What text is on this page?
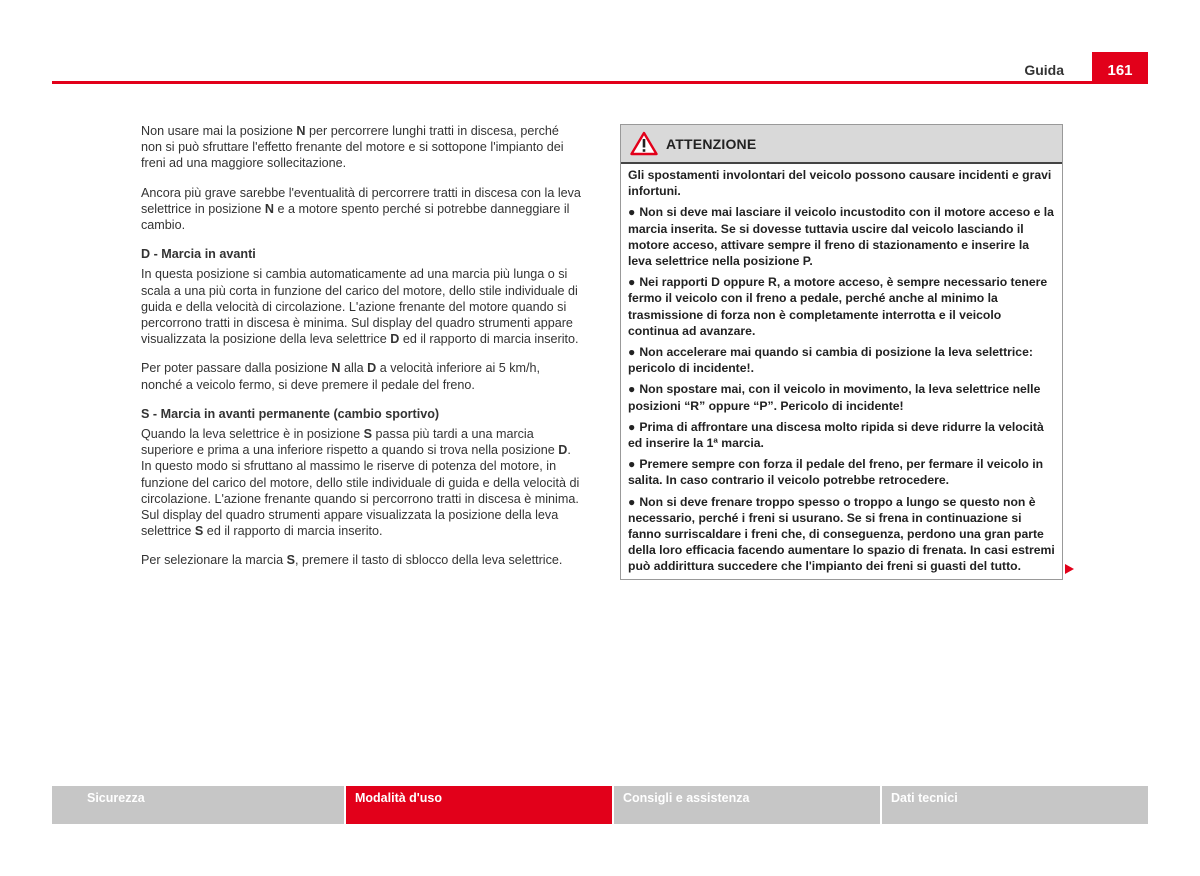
Guida	161

Non usare mai la posizione N per percorrere lunghi tratti in discesa, perché non si può sfruttare l'effetto frenante del motore e si sottopone l'impianto dei freni ad una maggiore sollecitazione.

Ancora più grave sarebbe l'eventualità di percorrere tratti in discesa con la leva selettrice in posizione N e a motore spento perché si potrebbe danneggiare il cambio.

D - Marcia in avanti

In questa posizione si cambia automaticamente ad una marcia più lunga o si scala a una più corta in funzione del carico del motore, dello stile individuale di guida e della velocità di circolazione. L'azione frenante del motore quando si percorrono tratti in discesa è minima. Sul display del quadro strumenti appare visualizzata la posizione della leva selettrice D ed il rapporto di marcia inserito.

Per poter passare dalla posizione N alla D a velocità inferiore ai 5 km/h, nonché a veicolo fermo, si deve premere il pedale del freno.

S - Marcia in avanti permanente (cambio sportivo)

Quando la leva selettrice è in posizione S passa più tardi a una marcia superiore e prima a una inferiore rispetto a quando si trova nella posizione D. In questo modo si sfruttano al massimo le riserve di potenza del motore, in funzione del carico del motore, dello stile individuale di guida e della velocità di circolazione. L'azione frenante quando si percorrono tratti in discesa è minima. Sul display del quadro strumenti appare visualizzata la posizione della leva selettrice S ed il rapporto di marcia inserito.

Per selezionare la marcia S, premere il tasto di sblocco della leva selettrice.

ATTENZIONE

Gli spostamenti involontari del veicolo possono causare incidenti e gravi infortuni.

● Non si deve mai lasciare il veicolo incustodito con il motore acceso e la marcia inserita. Se si dovesse tuttavia uscire dal veicolo lasciando il motore acceso, attivare sempre il freno di stazionamento e inserire la leva selettrice nella posizione P.

● Nei rapporti D oppure R, a motore acceso, è sempre necessario tenere fermo il veicolo con il freno a pedale, perché anche al minimo la trasmissione di forza non è completamente interrotta e il veicolo continua ad avanzare.

● Non accelerare mai quando si cambia di posizione la leva selettrice: pericolo di incidente!.

● Non spostare mai, con il veicolo in movimento, la leva selettrice nelle posizioni “R” oppure “P”. Pericolo di incidente!

● Prima di affrontare una discesa molto ripida si deve ridurre la velocità ed inserire la 1ª marcia.

● Premere sempre con forza il pedale del freno, per fermare il veicolo in salita. In caso contrario il veicolo potrebbe retrocedere.

● Non si deve frenare troppo spesso o troppo a lungo se questo non è necessario, perché i freni si usurano. Se si frena in continuazione si fanno surriscaldare i freni che, di conseguenza, perdono una gran parte della loro efficacia facendo aumentare lo spazio di frenata. In casi estremi può addirittura succedere che l'impianto dei freni si guasti del tutto.

Sicurezza	Modalità d'uso	Consigli e assistenza	Dati tecnici
